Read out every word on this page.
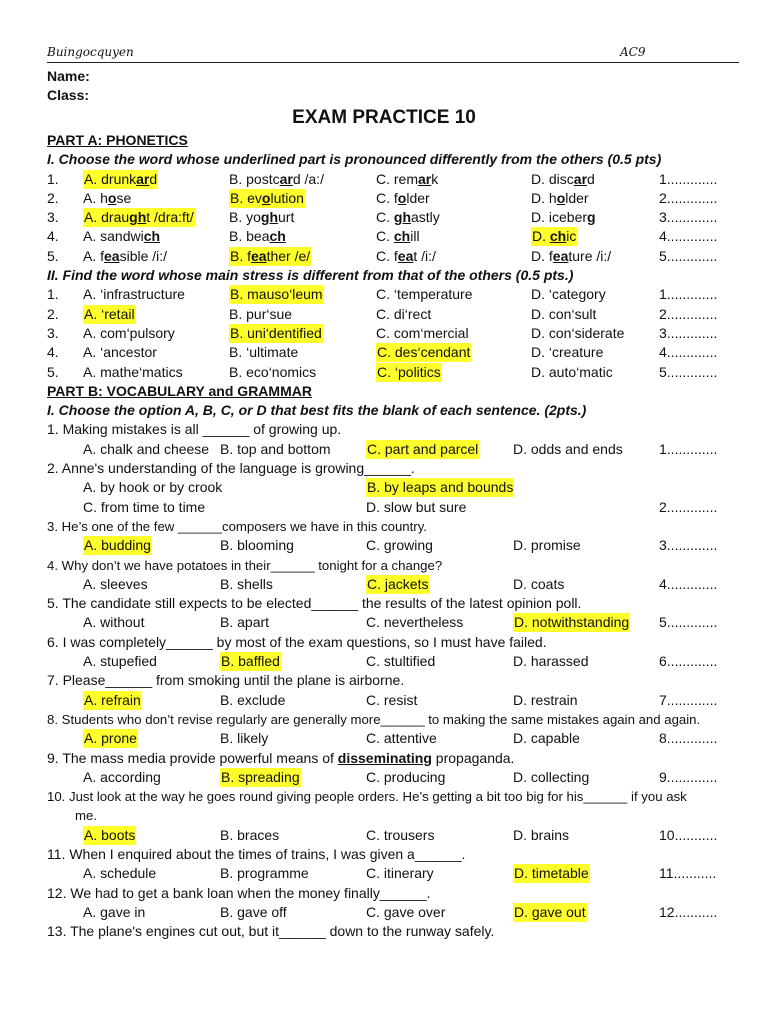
Buingocquyen	AC9
Name:
Class:
EXAM PRACTICE 10
PART A: PHONETICS
I. Choose the word whose underlined part is pronounced differently from the others (0.5 pts)
1. A. drunkard	B. postcard /a:/	C. remark	D. discard	1.............
2. A. hose	B. evolution	C. folder	D. holder	2.............
3. A. draught /dra:ft/	B. yoghurt	C. ghastly	D. iceberg	3.............
4. A. sandwich	B. beach	C. chill	D. chic	4.............
5. A. feasible /i:/	B. feather /e/	C. feat /i:/	D. feature /i:/	5.............
II. Find the word whose main stress is different from that of the others (0.5 pts.)
1. A. ‘infrastructure	B. mauso‘leum	C. ‘temperature	D. ‘category	1.............
2. A. ‘retail	B. pur‘sue	C. di‘rect	D. con‘sult	2.............
3. A. com‘pulsory	B. uni‘dentified	C. com‘mercial	D. con‘siderate 3.............
4. A. ‘ancestor	B. ‘ultimate	C. des‘cendant	D. ‘creature	4.............
5. A. mathe‘matics	B. eco‘nomics	C. ‘politics	D. auto‘matic	5.............
PART B: VOCABULARY and GRAMMAR
I. Choose the option A, B, C, or D that best fits the blank of each sentence. (2pts.)
1. Making mistakes is all ______ of growing up.
A. chalk and cheese B. top and bottom	C. part and parcel D. odds and ends	1.............
2. Anne's understanding of the language is growing______.
A. by hook or by crook	B. by leaps and bounds
C. from time to time	D. slow but sure	2.............
3. He’s one of the few ______composers we have in this country.
A. budding	B. blooming	C. growing	D. promise	3.............
4. Why don’t we have potatoes in their______ tonight for a change?
A. sleeves	B. shells	C. jackets	D. coats	4.............
5. The candidate still expects to be elected______ the results of the latest opinion poll.
A. without	B. apart	C. nevertheless	D. notwithstanding 5.............
6. I was completely______ by most of the exam questions, so I must have failed.
A. stupefied	B. baffled	C. stultified	D. harassed	6.............
7. Please______ from smoking until the plane is airborne.
A. refrain	B. exclude	C. resist	D. restrain	7.............
8. Students who don’t revise regularly are generally more______ to making the same mistakes again and again.
A. prone	B. likely	C. attentive	D. capable	8.............
9. The mass media provide powerful means of disseminating propaganda.
A. according	B. spreading	C. producing	D. collecting	9.............
10. Just look at the way he goes round giving people orders. He’s getting a bit too big for his______ if you ask
me.
A. boots	B. braces	C. trousers	D. brains	10...........
11. When I enquired about the times of trains, I was given a______.
A. schedule	B. programme	C. itinerary	D. timetable	11...........
12. We had to get a bank loan when the money finally______.
A. gave in	B. gave off	C. gave over	D. gave out	12...........
13. The plane's engines cut out, but it______ down to the runway safely.
